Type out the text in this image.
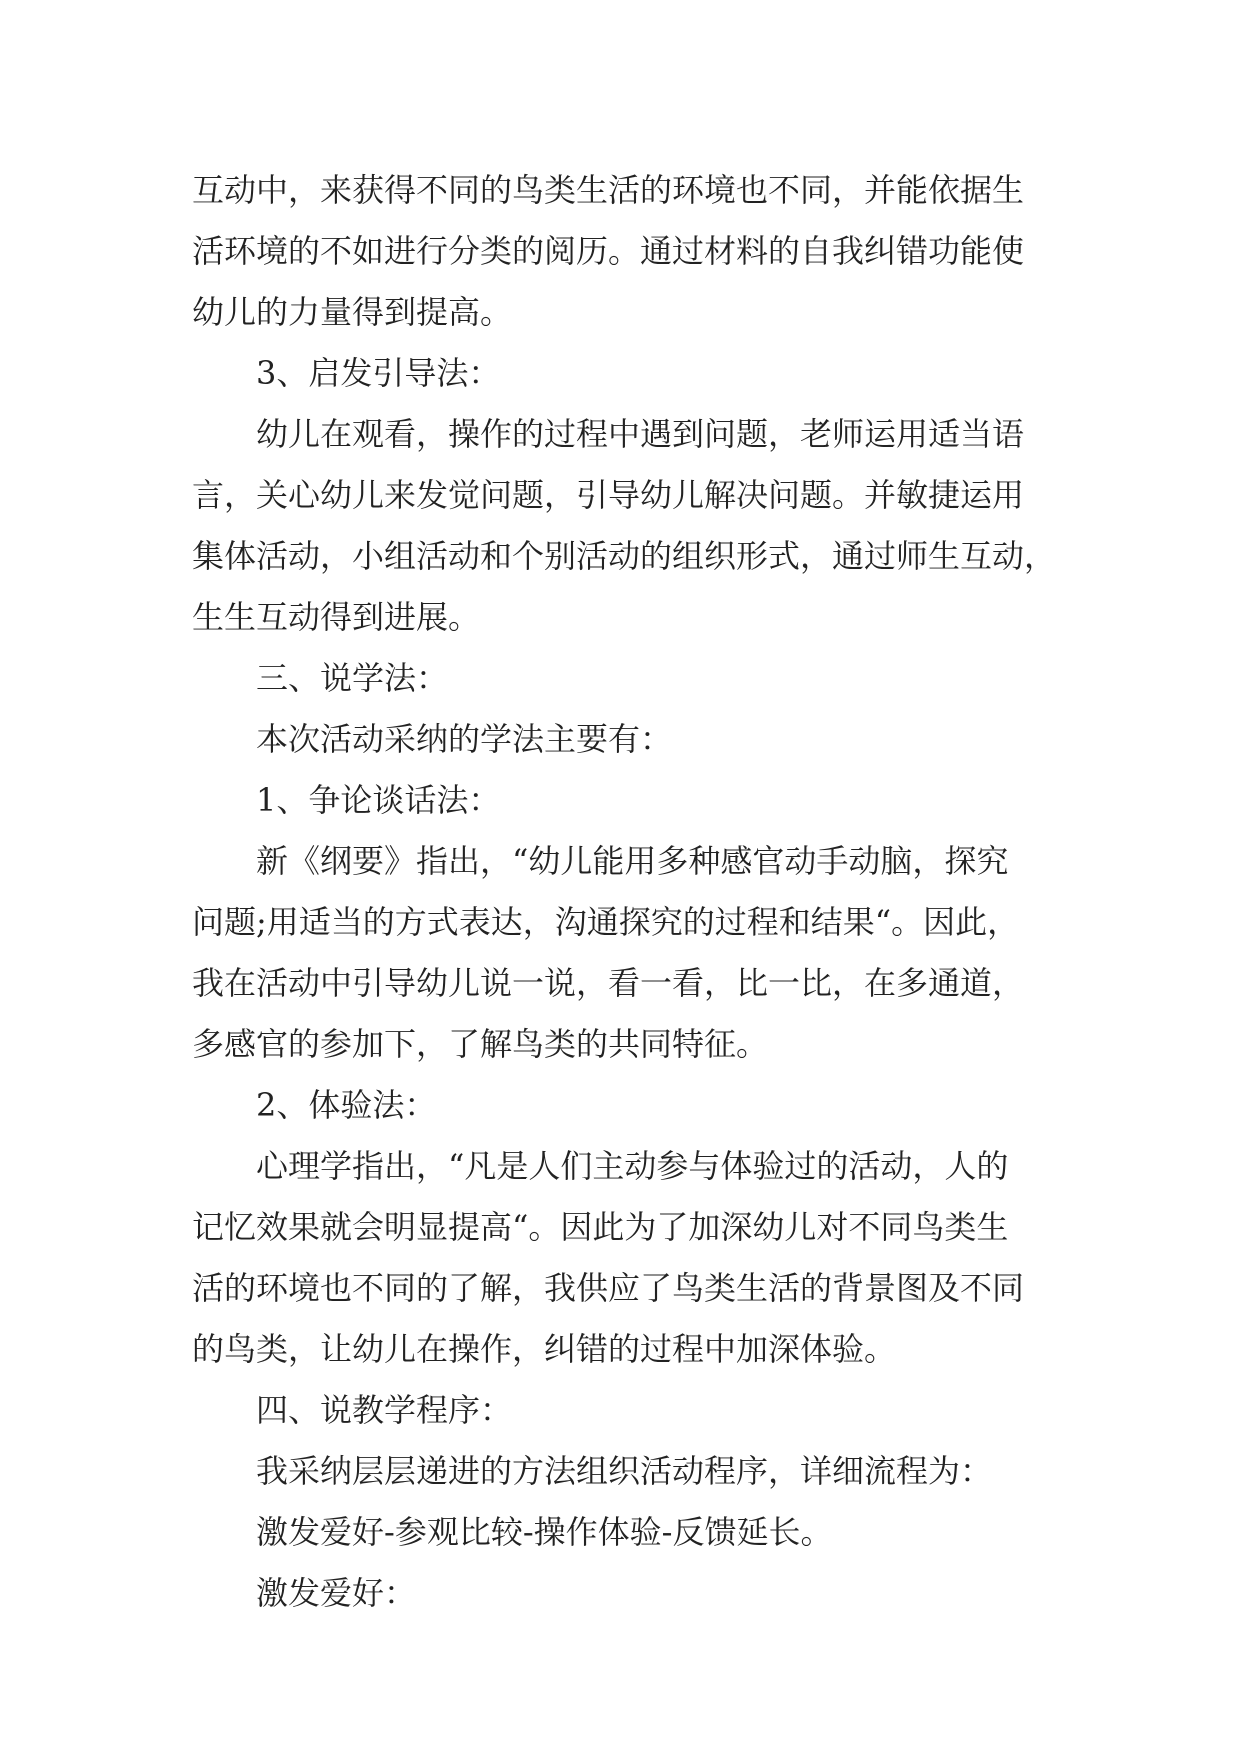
互动中，来获得不同的鸟类生活的环境也不同，并能依据生
活环境的不如进行分类的阅历。通过材料的自我纠错功能使
幼儿的力量得到提高。

3、启发引导法：

幼儿在观看，操作的过程中遇到问题，老师运用适当语
言，关心幼儿来发觉问题，引导幼儿解决问题。并敏捷运用
集体活动，小组活动和个别活动的组织形式，通过师生互动，
生生互动得到进展。

三、说学法：

本次活动采纳的学法主要有：

1、争论谈话法：

新《纲要》指出，“幼儿能用多种感官动手动脑，探究
问题;用适当的方式表达，沟通探究的过程和结果“。因此，
我在活动中引导幼儿说一说，看一看，比一比，在多通道，
多感官的参加下，了解鸟类的共同特征。

2、体验法：

心理学指出，“凡是人们主动参与体验过的活动，人的
记忆效果就会明显提高“。因此为了加深幼儿对不同鸟类生
活的环境也不同的了解，我供应了鸟类生活的背景图及不同
的鸟类，让幼儿在操作，纠错的过程中加深体验。

四、说教学程序：

我采纳层层递进的方法组织活动程序，详细流程为：

激发爱好-参观比较-操作体验-反馈延长。

激发爱好：
